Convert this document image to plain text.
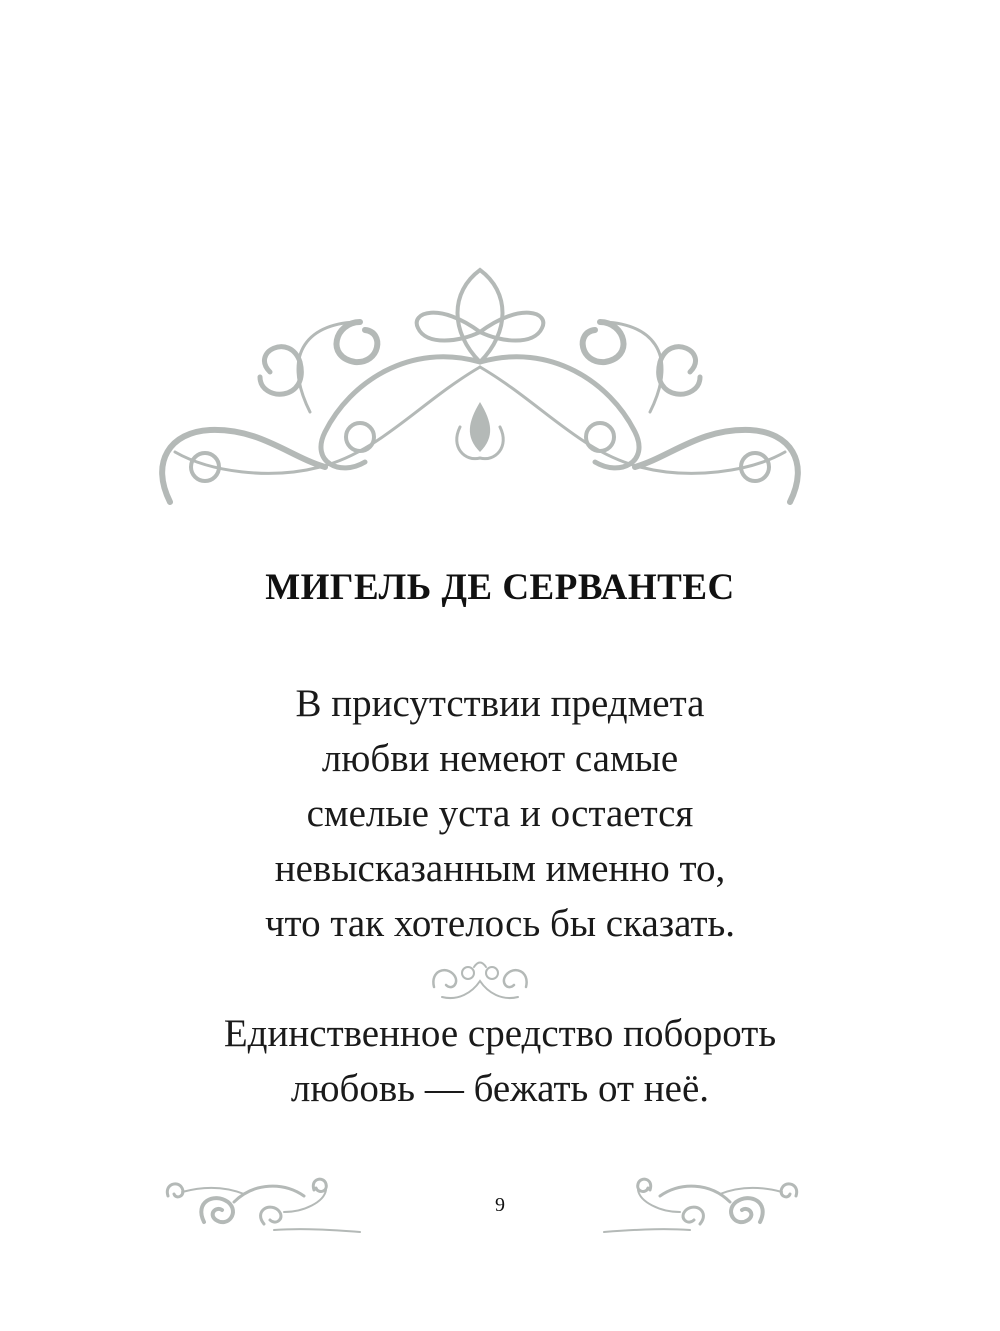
МИГЕЛЬ ДЕ СЕРВАНТЕС
В присутствии предмета
любви немеют самые
смелые уста и остается
невысказанным именно то,
что так хотелось бы сказать.
Единственное средство побороть
любовь — бежать от неё.
9
